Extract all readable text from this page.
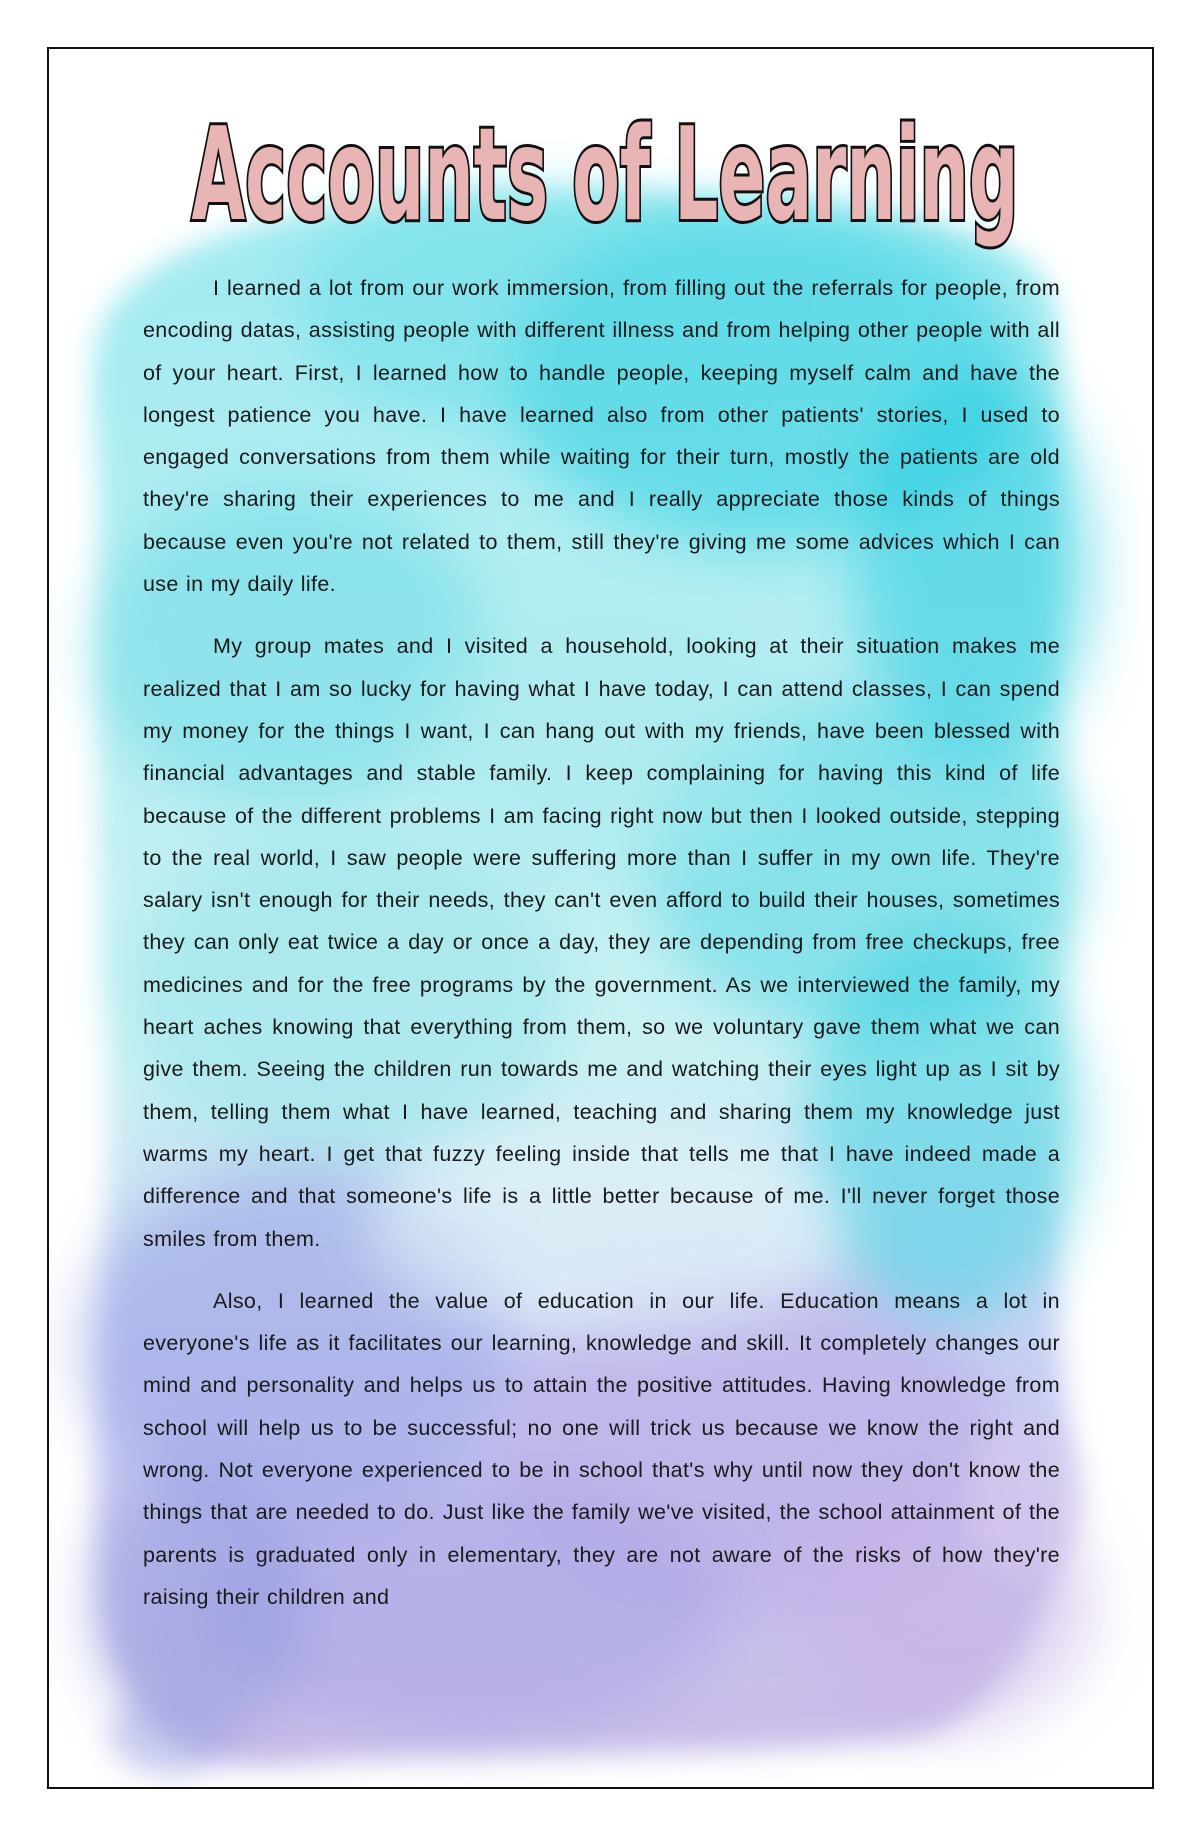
Accounts of Learning

I learned a lot from our work immersion, from filling out the referrals for people, from encoding datas, assisting people with different illness and from helping other people with all of your heart. First, I learned how to handle people, keeping myself calm and have the longest patience you have. I have learned also from other patients' stories, I used to engaged conversations from them while waiting for their turn, mostly the patients are old they're sharing their experiences to me and I really appreciate those kinds of things because even you're not related to them, still they're giving me some advices which I can use in my daily life.

My group mates and I visited a household, looking at their situation makes me realized that I am so lucky for having what I have today, I can attend classes, I can spend my money for the things I want, I can hang out with my friends, have been blessed with financial advantages and stable family. I keep complaining for having this kind of life because of the different problems I am facing right now but then I looked outside, stepping to the real world, I saw people were suffering more than I suffer in my own life. They're salary isn't enough for their needs, they can't even afford to build their houses, sometimes they can only eat twice a day or once a day, they are depending from free checkups, free medicines and for the free programs by the government. As we interviewed the family, my heart aches knowing that everything from them, so we voluntary gave them what we can give them. Seeing the children run towards me and watching their eyes light up as I sit by them, telling them what I have learned, teaching and sharing them my knowledge just warms my heart. I get that fuzzy feeling inside that tells me that I have indeed made a difference and that someone's life is a little better because of me. I'll never forget those smiles from them.

Also, I learned the value of education in our life. Education means a lot in everyone's life as it facilitates our learning, knowledge and skill. It completely changes our mind and personality and helps us to attain the positive attitudes. Having knowledge from school will help us to be successful; no one will trick us because we know the right and wrong. Not everyone experienced to be in school that's why until now they don't know the things that are needed to do. Just like the family we've visited, the school attainment of the parents is graduated only in elementary, they are not aware of the risks of how they're raising their children and
